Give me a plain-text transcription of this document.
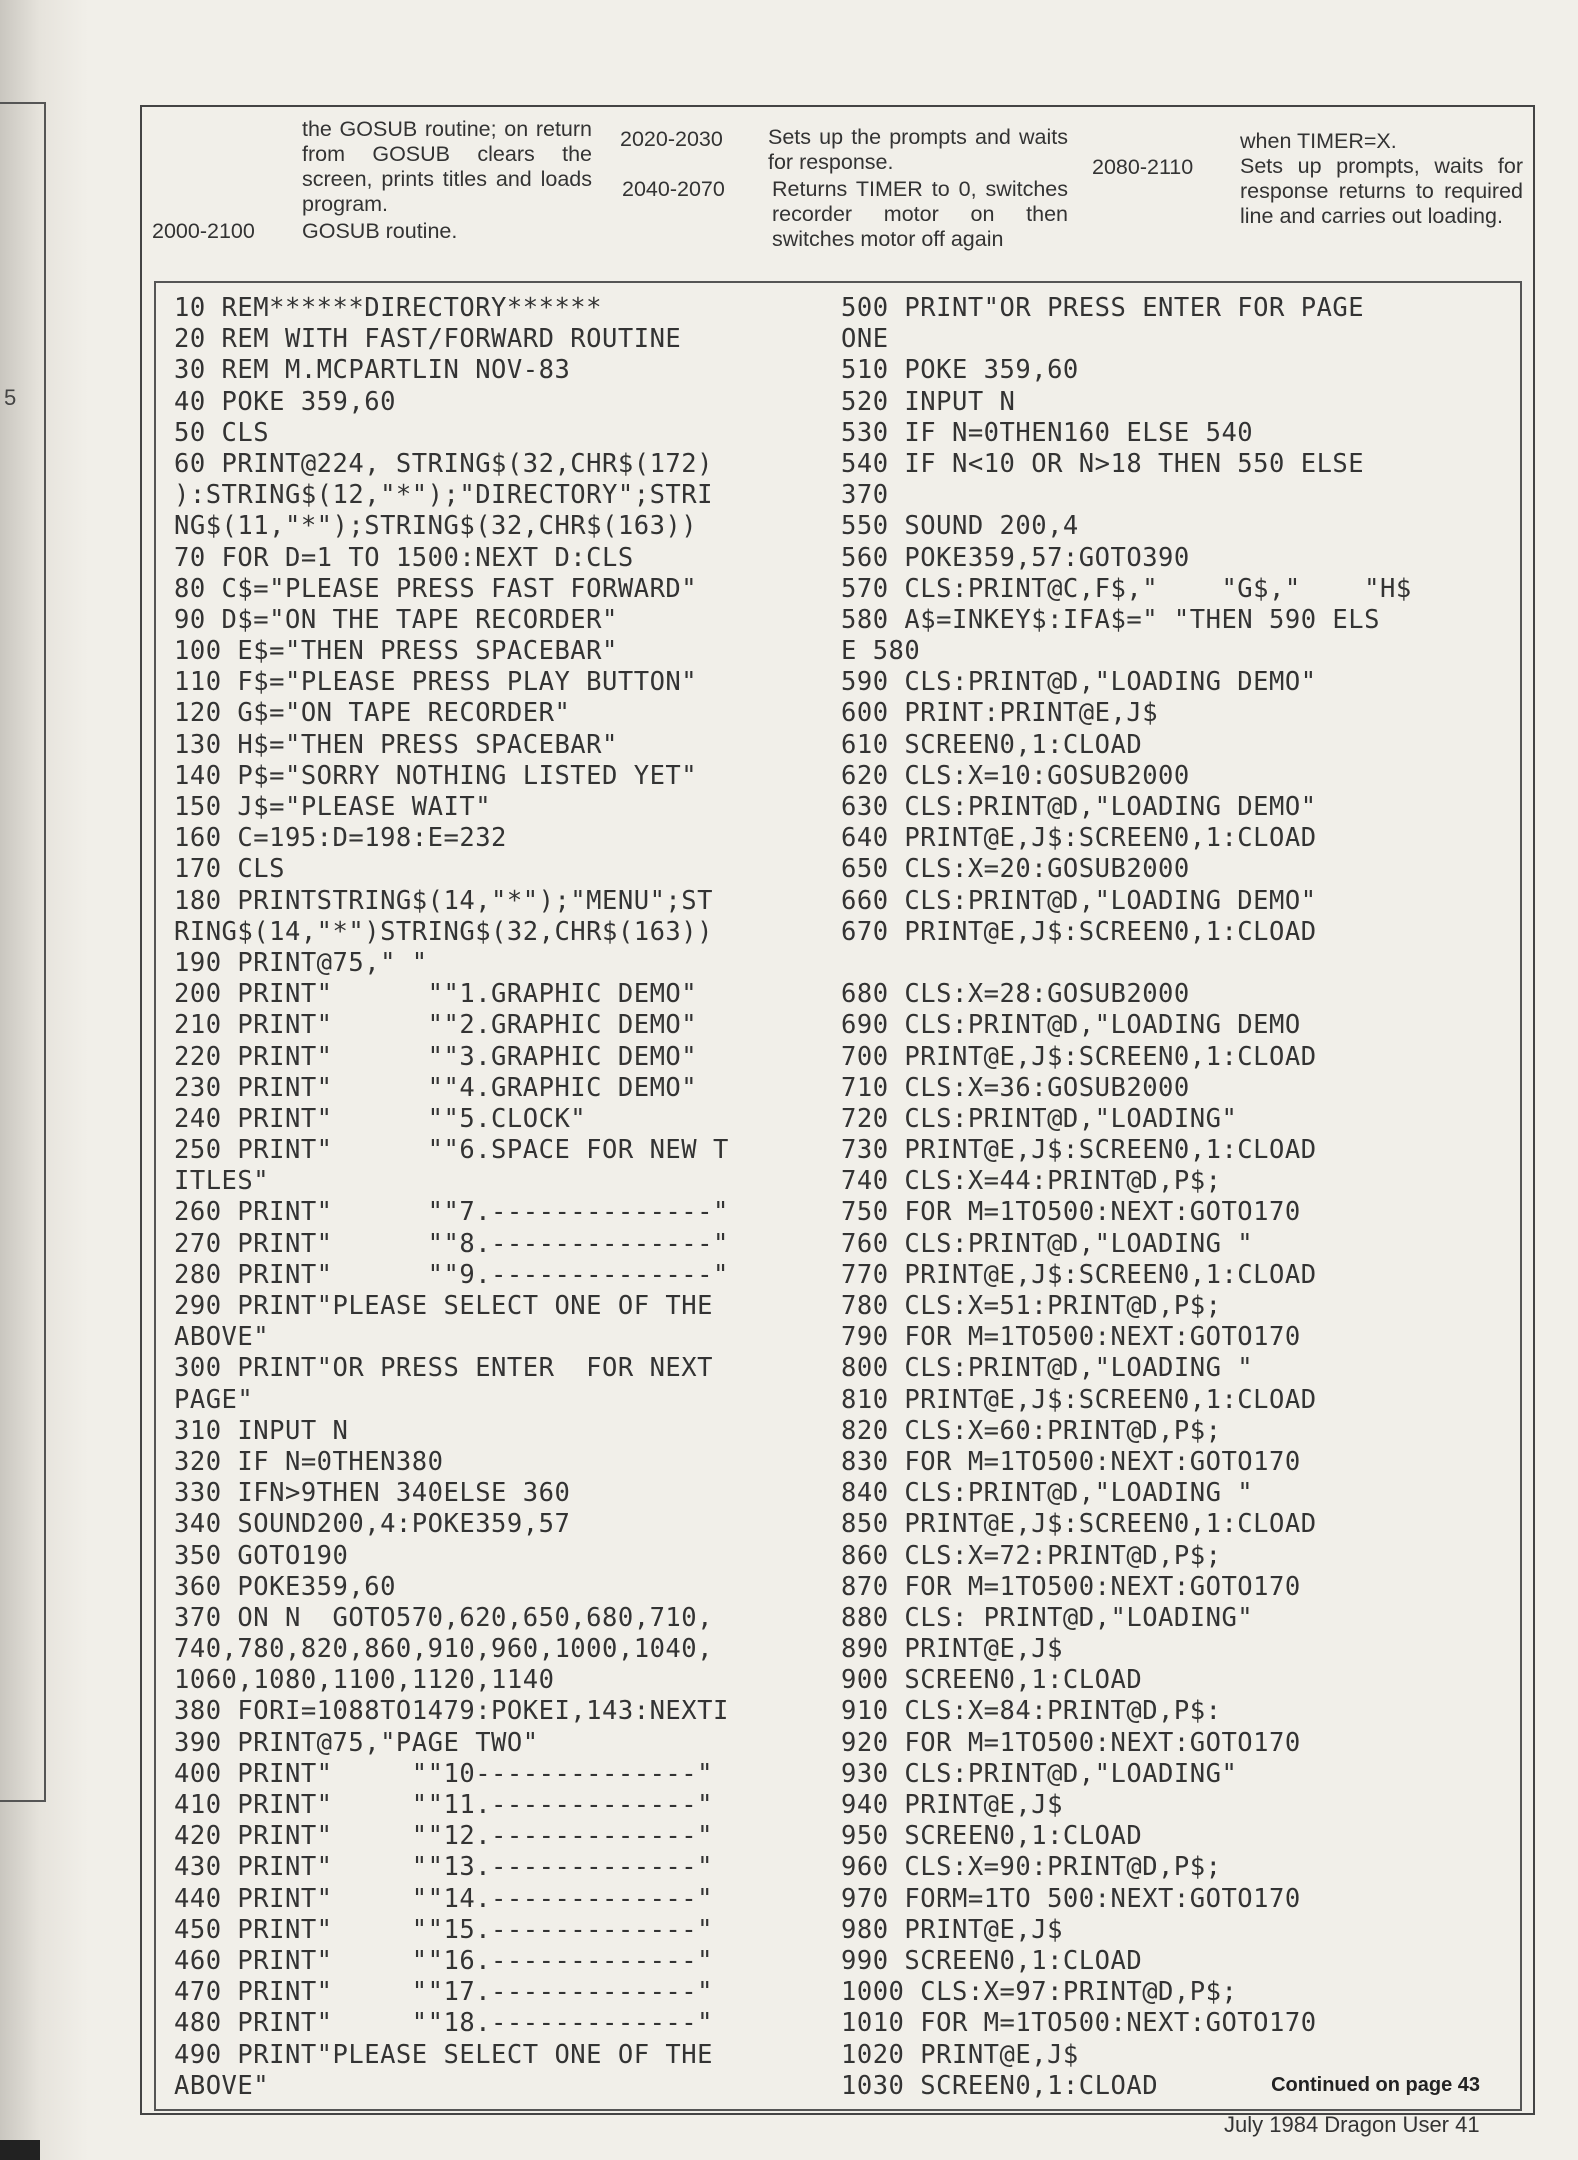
5

the GOSUB routine; on return from GOSUB clears the screen, prints titles and loads program.

2000-2100 GOSUB routine.

2020-2030 Sets up the prompts and waits for response.

2040-2070 Returns TIMER to 0, switches recorder motor on then switches motor off again

2080-2110

when TIMER=X.

Sets up prompts, waits for response returns to required line and carries out loading.

10 REM******DIRECTORY******
20 REM WITH FAST/FORWARD ROUTINE
30 REM M.MCPARTLIN NOV-83
40 POKE 359,60
50 CLS
60 PRINT@224, STRING$(32,CHR$(172)
):STRING$(12,"*");"DIRECTORY";STRI
NG$(11,"*");STRING$(32,CHR$(163))
70 FOR D=1 TO 1500:NEXT D:CLS
80 C$="PLEASE PRESS FAST FORWARD"
90 D$="ON THE TAPE RECORDER"
100 E$="THEN PRESS SPACEBAR"
110 F$="PLEASE PRESS PLAY BUTTON"
120 G$="ON TAPE RECORDER"
130 H$="THEN PRESS SPACEBAR"
140 P$="SORRY NOTHING LISTED YET"
150 J$="PLEASE WAIT"
160 C=195:D=198:E=232
170 CLS
180 PRINTSTRING$(14,"*");"MENU";ST
RING$(14,"*")STRING$(32,CHR$(163))
190 PRINT@75," "
200 PRINT"      ""1.GRAPHIC DEMO"
210 PRINT"      ""2.GRAPHIC DEMO"
220 PRINT"      ""3.GRAPHIC DEMO"
230 PRINT"      ""4.GRAPHIC DEMO"
240 PRINT"      ""5.CLOCK"
250 PRINT"      ""6.SPACE FOR NEW T
ITLES"
260 PRINT"      ""7.--------------"
270 PRINT"      ""8.--------------"
280 PRINT"      ""9.--------------"
290 PRINT"PLEASE SELECT ONE OF THE
ABOVE"
300 PRINT"OR PRESS ENTER  FOR NEXT
PAGE"
310 INPUT N
320 IF N=0THEN380
330 IFN>9THEN 340ELSE 360
340 SOUND200,4:POKE359,57
350 GOTO190
360 POKE359,60
370 ON N  GOTO570,620,650,680,710,
740,780,820,860,910,960,1000,1040,
1060,1080,1100,1120,1140
380 FORI=1088TO1479:POKEI,143:NEXTI
390 PRINT@75,"PAGE TWO"
400 PRINT"     ""10--------------"
410 PRINT"     ""11.-------------"
420 PRINT"     ""12.-------------"
430 PRINT"     ""13.-------------"
440 PRINT"     ""14.-------------"
450 PRINT"     ""15.-------------"
460 PRINT"     ""16.-------------"
470 PRINT"     ""17.-------------"
480 PRINT"     ""18.-------------"
490 PRINT"PLEASE SELECT ONE OF THE
ABOVE"
500 PRINT"OR PRESS ENTER FOR PAGE
ONE
510 POKE 359,60
520 INPUT N
530 IF N=0THEN160 ELSE 540
540 IF N<10 OR N>18 THEN 550 ELSE
370
550 SOUND 200,4
560 POKE359,57:GOTO390
570 CLS:PRINT@C,F$,"    "G$,"    "H$
580 A$=INKEY$:IFA$=" "THEN 590 ELS
E 580
590 CLS:PRINT@D,"LOADING DEMO"
600 PRINT:PRINT@E,J$
610 SCREEN0,1:CLOAD
620 CLS:X=10:GOSUB2000
630 CLS:PRINT@D,"LOADING DEMO"
640 PRINT@E,J$:SCREEN0,1:CLOAD
650 CLS:X=20:GOSUB2000
660 CLS:PRINT@D,"LOADING DEMO"
670 PRINT@E,J$:SCREEN0,1:CLOAD
680 CLS:X=28:GOSUB2000
690 CLS:PRINT@D,"LOADING DEMO
700 PRINT@E,J$:SCREEN0,1:CLOAD
710 CLS:X=36:GOSUB2000
720 CLS:PRINT@D,"LOADING"
730 PRINT@E,J$:SCREEN0,1:CLOAD
740 CLS:X=44:PRINT@D,P$;
750 FOR M=1TO500:NEXT:GOTO170
760 CLS:PRINT@D,"LOADING "
770 PRINT@E,J$:SCREEN0,1:CLOAD
780 CLS:X=51:PRINT@D,P$;
790 FOR M=1TO500:NEXT:GOTO170
800 CLS:PRINT@D,"LOADING "
810 PRINT@E,J$:SCREEN0,1:CLOAD
820 CLS:X=60:PRINT@D,P$;
830 FOR M=1TO500:NEXT:GOTO170
840 CLS:PRINT@D,"LOADING "
850 PRINT@E,J$:SCREEN0,1:CLOAD
860 CLS:X=72:PRINT@D,P$;
870 FOR M=1TO500:NEXT:GOTO170
880 CLS: PRINT@D,"LOADING"
890 PRINT@E,J$
900 SCREEN0,1:CLOAD
910 CLS:X=84:PRINT@D,P$:
920 FOR M=1TO500:NEXT:GOTO170
930 CLS:PRINT@D,"LOADING"
940 PRINT@E,J$
950 SCREEN0,1:CLOAD
960 CLS:X=90:PRINT@D,P$;
970 FORM=1TO 500:NEXT:GOTO170
980 PRINT@E,J$
990 SCREEN0,1:CLOAD
1000 CLS:X=97:PRINT@D,P$;
1010 FOR M=1TO500:NEXT:GOTO170
1020 PRINT@E,J$
1030 SCREEN0,1:CLOAD	Continued on page 43
July 1984 Dragon User 41
